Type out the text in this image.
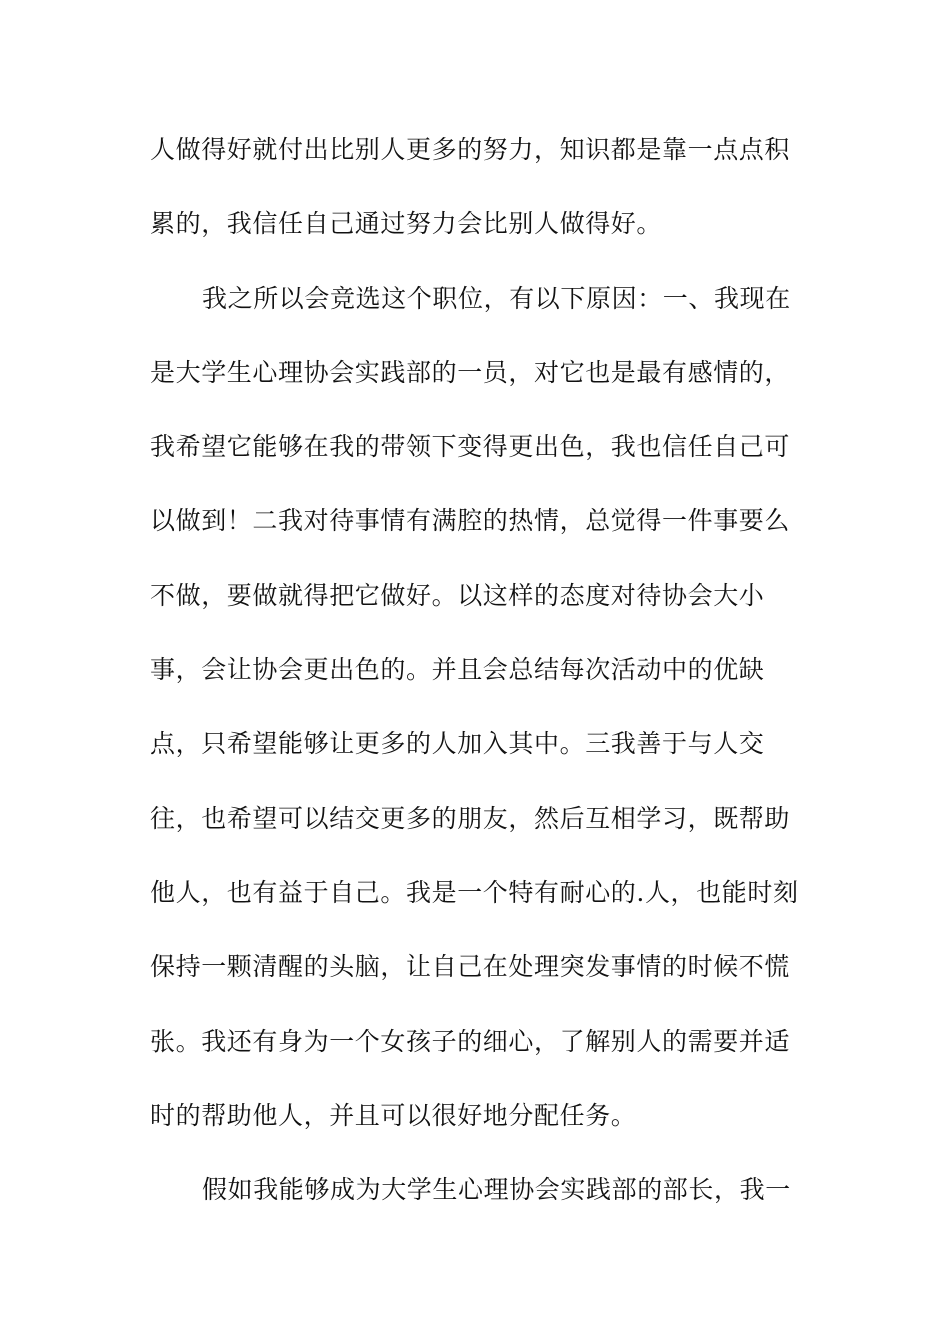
人做得好就付出比别人更多的努力，知识都是靠一点点积
累的，我信任自己通过努力会比别人做得好。
我之所以会竞选这个职位，有以下原因：一、我现在
是大学生心理协会实践部的一员，对它也是最有感情的，
我希望它能够在我的带领下变得更出色，我也信任自己可
以做到！二我对待事情有满腔的热情，总觉得一件事要么
不做，要做就得把它做好。以这样的态度对待协会大小
事，会让协会更出色的。并且会总结每次活动中的优缺
点，只希望能够让更多的人加入其中。三我善于与人交
往，也希望可以结交更多的朋友，然后互相学习，既帮助
他人，也有益于自己。我是一个特有耐心的.人，也能时刻
保持一颗清醒的头脑，让自己在处理突发事情的时候不慌
张。我还有身为一个女孩子的细心，了解别人的需要并适
时的帮助他人，并且可以很好地分配任务。
假如我能够成为大学生心理协会实践部的部长，我一
